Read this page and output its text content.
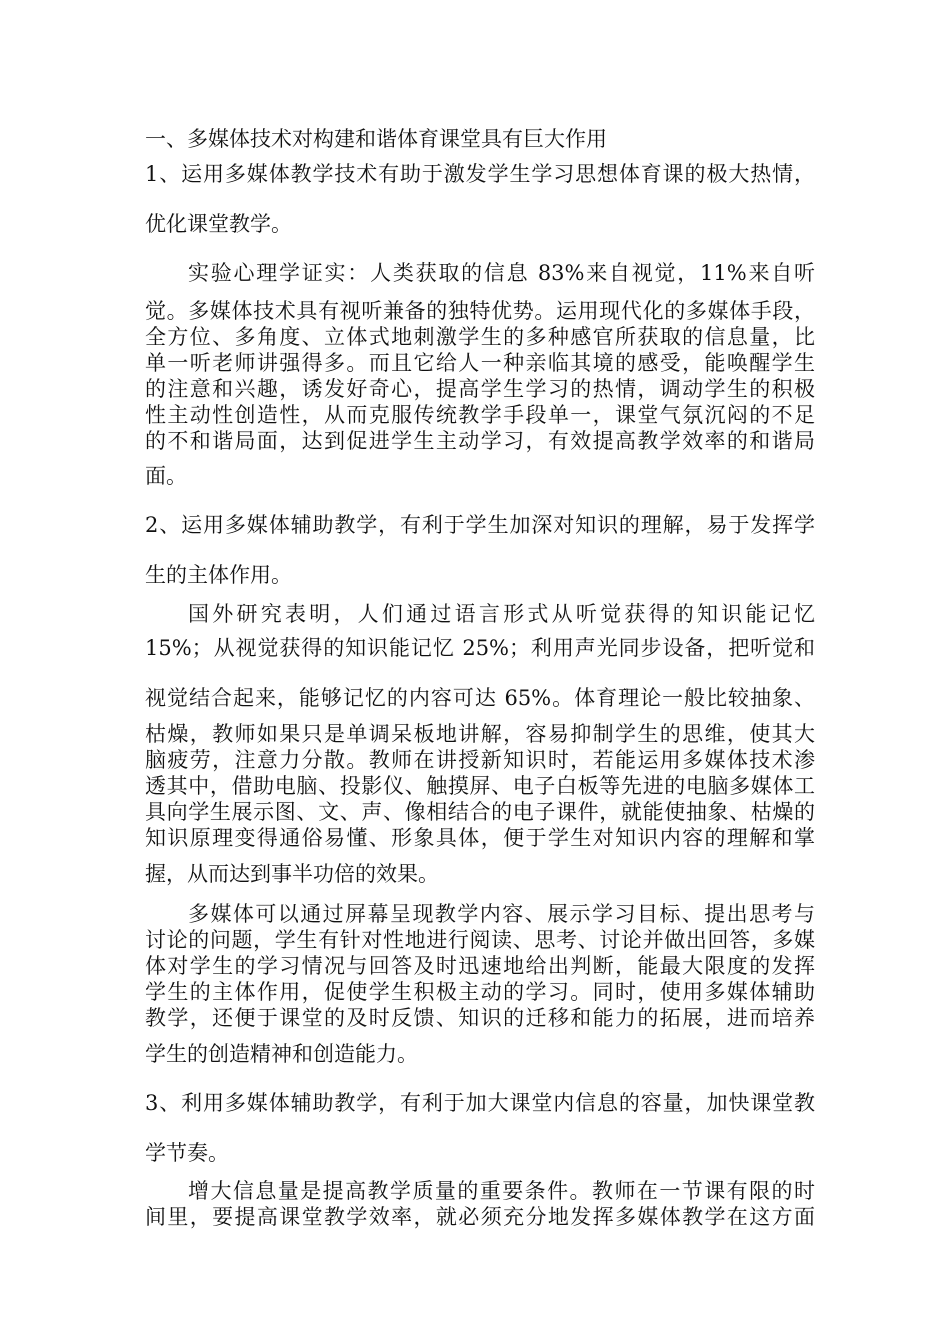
一、多媒体技术对构建和谐体育课堂具有巨大作用
1、运用多媒体教学技术有助于激发学生学习思想体育课的极大热情，
优化课堂教学。
实验心理学证实：人类获取的信息 83%来自视觉，11%来自听
觉。多媒体技术具有视听兼备的独特优势。运用现代化的多媒体手段，
全方位、多角度、立体式地刺激学生的多种感官所获取的信息量，比
单一听老师讲强得多。而且它给人一种亲临其境的感受，能唤醒学生
的注意和兴趣，诱发好奇心，提高学生学习的热情，调动学生的积极
性主动性创造性，从而克服传统教学手段单一，课堂气氛沉闷的不足
的不和谐局面，达到促进学生主动学习，有效提高教学效率的和谐局
面。
2、运用多媒体辅助教学，有利于学生加深对知识的理解，易于发挥学
生的主体作用。
国外研究表明，人们通过语言形式从听觉获得的知识能记忆
15%；从视觉获得的知识能记忆 25%；利用声光同步设备，把听觉和
视觉结合起来，能够记忆的内容可达 65%。体育理论一般比较抽象、
枯燥，教师如果只是单调呆板地讲解，容易抑制学生的思维，使其大
脑疲劳，注意力分散。教师在讲授新知识时，若能运用多媒体技术渗
透其中，借助电脑、投影仪、触摸屏、电子白板等先进的电脑多媒体工
具向学生展示图、文、声、像相结合的电子课件，就能使抽象、枯燥的
知识原理变得通俗易懂、形象具体，便于学生对知识内容的理解和掌
握，从而达到事半功倍的效果。
多媒体可以通过屏幕呈现教学内容、展示学习目标、提出思考与
讨论的问题，学生有针对性地进行阅读、思考、讨论并做出回答，多媒
体对学生的学习情况与回答及时迅速地给出判断，能最大限度的发挥
学生的主体作用，促使学生积极主动的学习。同时，使用多媒体辅助
教学，还便于课堂的及时反馈、知识的迁移和能力的拓展，进而培养
学生的创造精神和创造能力。
3、利用多媒体辅助教学，有利于加大课堂内信息的容量，加快课堂教
学节奏。
增大信息量是提高教学质量的重要条件。教师在一节课有限的时
间里，要提高课堂教学效率，就必须充分地发挥多媒体教学在这方面
